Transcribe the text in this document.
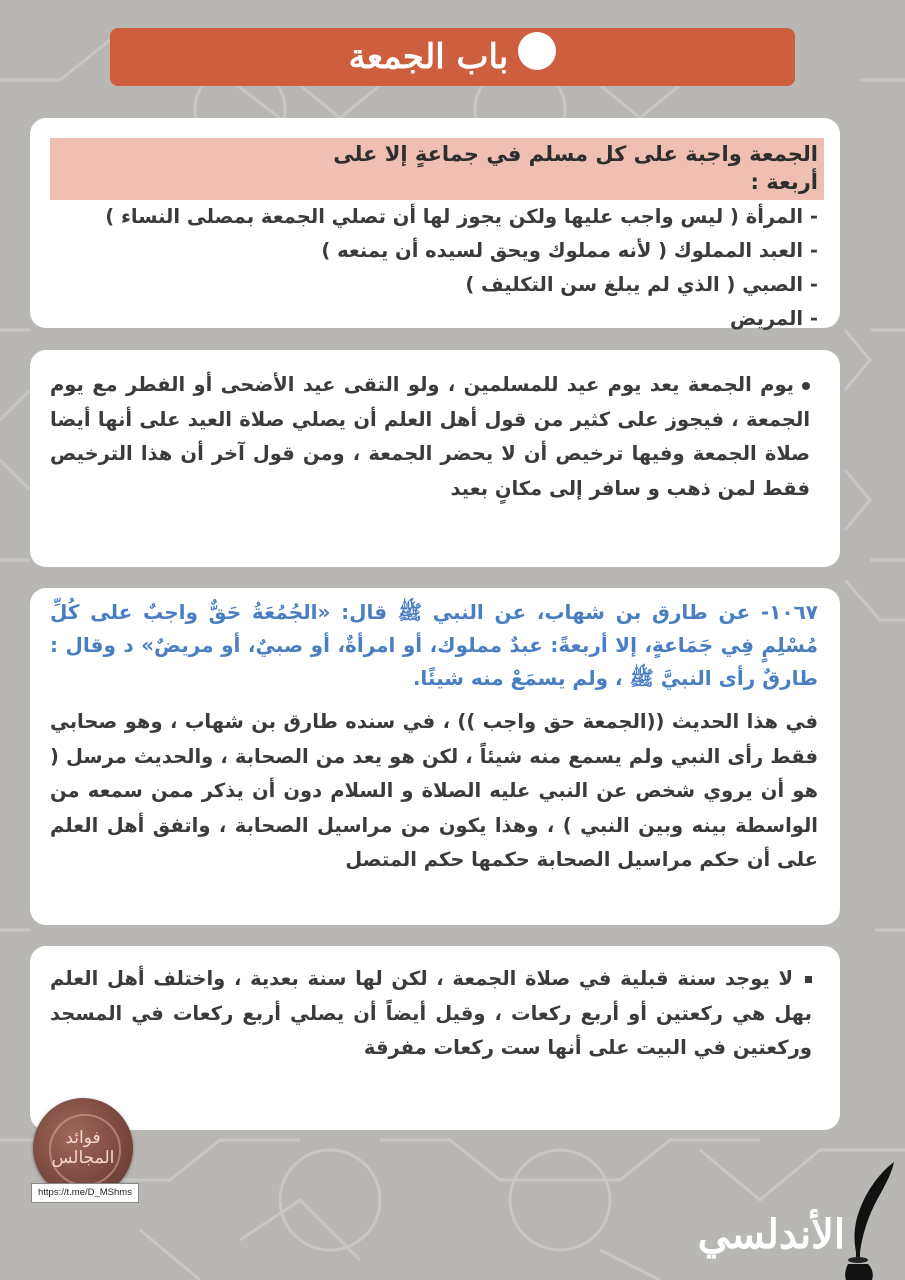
باب الجمعة
الجمعة واجبة على كل مسلم في جماعةٍ إلا على أربعة :
- المرأة ( ليس واجب عليها ولكن يجوز لها أن تصلي الجمعة بمصلى النساء )
- العبد المملوك ( لأنه مملوك ويحق لسيده أن يمنعه )
- الصبي ( الذي لم يبلغ سن التكليف )
- المريض
يوم الجمعة يعد يوم عيد للمسلمين ، ولو التقى عيد الأضحى أو الفطر مع يوم الجمعة ، فيجوز على كثير من قول أهل العلم أن يصلي صلاة العيد على أنها أيضا صلاة الجمعة وفيها ترخيص أن لا يحضر الجمعة ، ومن قول آخر أن هذا الترخيص فقط لمن ذهب و سافر إلى مكانٍ بعيد
١٠٦٧- عن طارق بن شهاب، عن النبي ﷺ قال: «الجُمُعَةُ حَقٌّ واجبٌ على كُلِّ مُسْلِمٍ فِي جَمَاعةٍ، إلا أربعةً: عبدٌ مملوك، أو امرأةٌ، أو صبيٌ، أو مريضٌ» د وقال : طارقٌ رأى النبيَّ ﷺ ، ولم يسمَعْ منه شيئًا.
في هذا الحديث ((الجمعة حق واجب )) ، في سنده طارق بن شهاب ، وهو صحابي فقط رأى النبي ولم يسمع منه شيئاً ، لكن هو يعد من الصحابة ، والحديث مرسل ( هو أن يروي شخص عن النبي عليه الصلاة و السلام دون أن يذكر ممن سمعه من الواسطة بينه وبين النبي ) ، وهذا يكون من مراسيل الصحابة ، واتفق أهل العلم على أن حكم مراسيل الصحابة حكمها حكم المتصل
لا يوجد سنة قبلية في صلاة الجمعة ، لكن لها سنة بعدية ، واختلف أهل العلم بهل هي ركعتين أو أربع ركعات ، وقيل أيضاً أن يصلي أربع ركعات في المسجد وركعتين في البيت على أنها ست ركعات مفرقة
فوائد المجالس
https://t.me/D_MShms
الأندلسي
